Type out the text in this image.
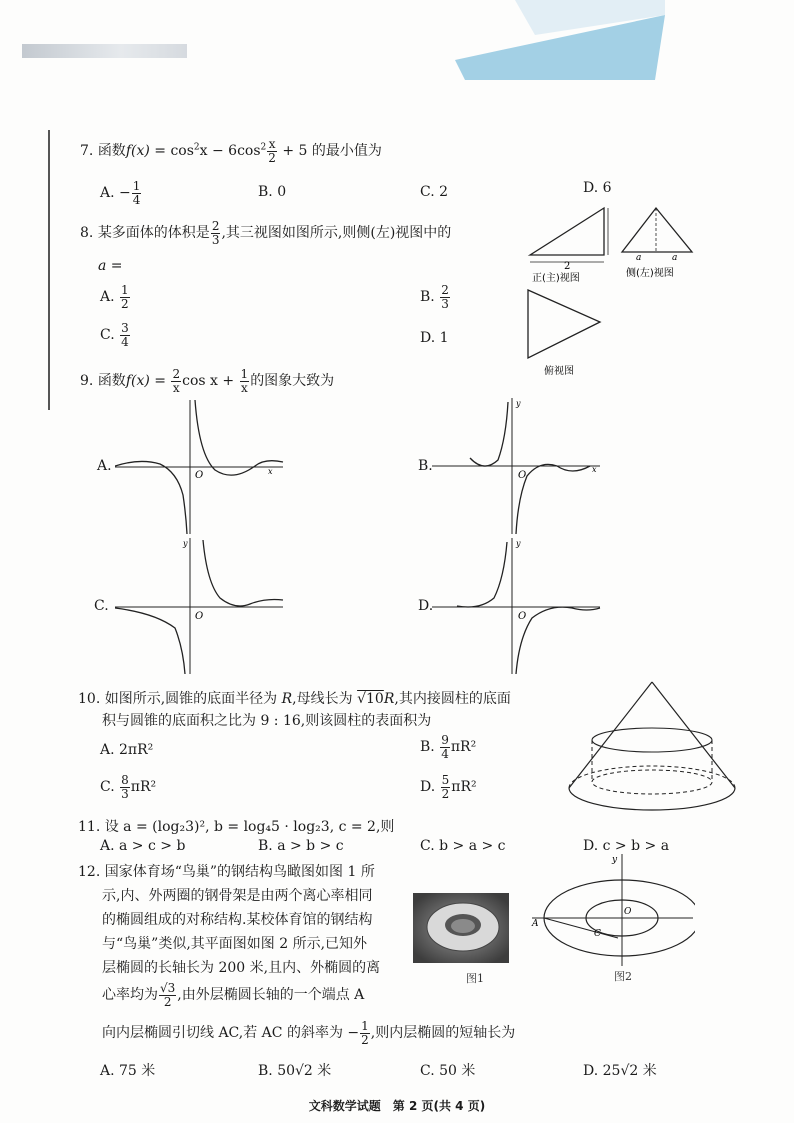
7. 函数$f(x) = \cos^2x - 6\cos^2 \frac{x}{2} + 5$ 的最小值为
A. − $\frac{1}{4}$	B. 0	C. 2	D. 6
8. 某多面体的体积是 $\frac{2}{3}$ ,其三视图如图所示,则侧(左)视图中的
a =
A. $\frac{1}{2}$	B. $\frac{2}{3}$
C. $\frac{3}{4}$	D. 1
2
正(主)视图
a	a
侧(左)视图
俯视图
9. 函数$f(x) = \frac{2}{x}$ $\cos x + \frac{1}{x}$ 的图象大致为
A.	B.
C.	D.
x
O
y
x
O
y
O
y
O
10. 如图所示,圆锥的底面半径为 R,母线长为 √10R,其内接圆柱的底面
积与圆锥的底面积之比为 9 : 16,则该圆柱的表面积为
A. 2πR²	B. $\frac{9}{4} \pi R^2$
C. $\frac{8}{3} \pi R^2$	D. $\frac{5}{2} \pi R^2$
11. 设 a = (log₂3)², b = log₄5 · log₂3, c = 2,则
A. a > c > b	B. a > b > c	C. b > a > c	D. c > b > a
12. 国家体育场“鸟巢”的钢结构鸟瞰图如图 1 所
示,内、外两圈的钢骨架是由两个离心率相同
的椭圆组成的对称结构.某校体育馆的钢结构
与“鸟巢”类似,其平面图如图 2 所示,已知外
层椭圆的长轴长为 200 米,且内、外椭圆的离
心率均为 $\frac{√3}{2}$ ,由外层椭圆长轴的一个端点 A
向内层椭圆引切线 AC,若 AC 的斜率为 − $\frac{1}{2}$ ,则内层椭圆的短轴长为
A. 75 米	B. 50√2 米	C. 50 米	D. 25√2 米
图1
y
A
C
O
图2
文科数学试题　第 2 页(共 4 页)
